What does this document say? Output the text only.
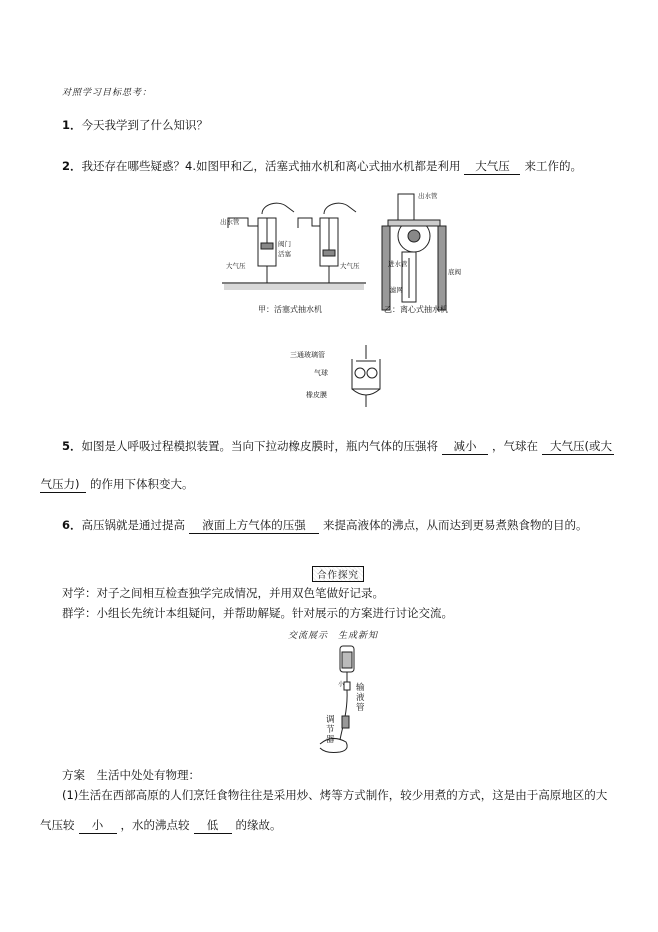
对照学习目标思考：
1．今天我学到了什么知识？
2．我还存在哪些疑惑？4.如图甲和乙，活塞式抽水机和离心式抽水机都是利用 大气压 来工作的。
出水管
阀门
活塞
大气压	大气压
出水管
进水管
底阀
滤网
甲：活塞式抽水机	乙：离心式抽水机
三通玻璃管
气球
橡皮膜
5．如图是人呼吸过程模拟装置。当向下拉动橡皮膜时，瓶内气体的压强将 减小 ，气球在 大气压(或大
气压力) 的作用下体积变大。
6．高压锅就是通过提高 液面上方气体的压强 来提高液体的沸点，从而达到更易煮熟食物的目的。
合作探究
对学：对子之间相互检查独学完成情况，并用双色笔做好记录。
群学：小组长先统计本组疑问，并帮助解疑。针对展示的方案进行讨论交流。
交流展示　生成新知
输
液
管
调
节
器
小
方案　生活中处处有物理：
(1)生活在西部高原的人们烹饪食物往往是采用炒、烤等方式制作，较少用煮的方式，这是由于高原地区的大
气压较 小 ，水的沸点较 低 的缘故。
